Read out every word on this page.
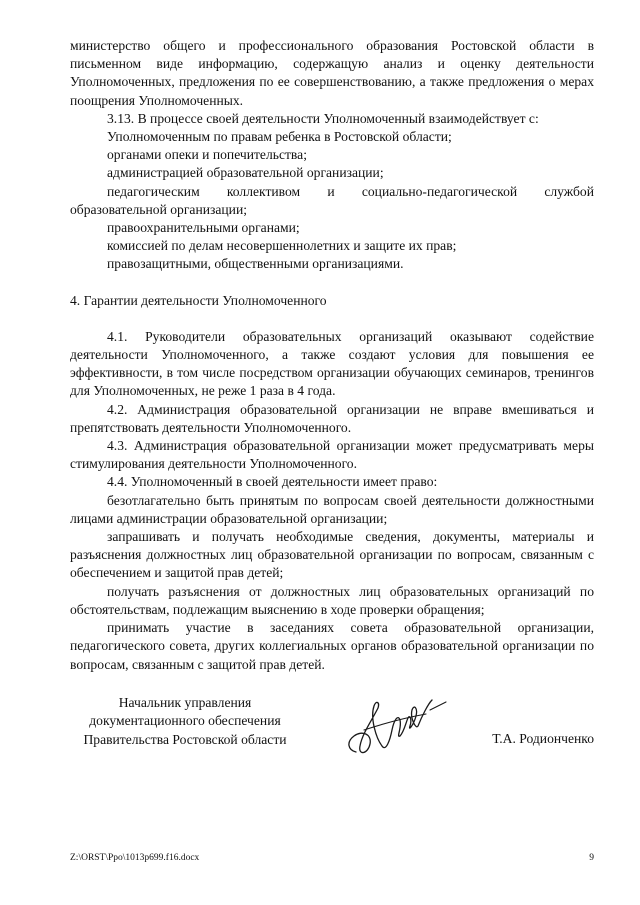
министерство общего и профессионального образования Ростовской области в письменном виде информацию, содержащую анализ и оценку деятельности Уполномоченных, предложения по ее совершенствованию, а также предложения о мерах поощрения Уполномоченных.

3.13. В процессе своей деятельности Уполномоченный взаимодействует с:

Уполномоченным по правам ребенка в Ростовской области;

органами опеки и попечительства;

администрацией образовательной организации;

педагогическим коллективом и социально-педагогической службой образовательной организации;

правоохранительными органами;

комиссией по делам несовершеннолетних и защите их прав;

правозащитными, общественными организациями.

4. Гарантии деятельности Уполномоченного

4.1. Руководители образовательных организаций оказывают содействие деятельности Уполномоченного, а также создают условия для повышения ее эффективности, в том числе посредством организации обучающих семинаров, тренингов для Уполномоченных, не реже 1 раза в 4 года.

4.2. Администрация образовательной организации не вправе вмешиваться и препятствовать деятельности Уполномоченного.

4.3. Администрация образовательной организации может предусматривать меры стимулирования деятельности Уполномоченного.

4.4. Уполномоченный в своей деятельности имеет право:

безотлагательно быть принятым по вопросам своей деятельности должностными лицами администрации образовательной организации;

запрашивать и получать необходимые сведения, документы, материалы и разъяснения должностных лиц образовательной организации по вопросам, связанным с обеспечением и защитой прав детей;

получать разъяснения от должностных лиц образовательных организаций по обстоятельствам, подлежащим выяснению в ходе проверки обращения;

принимать участие в заседаниях совета образовательной организации, педагогического совета, других коллегиальных органов образовательной организации по вопросам, связанным с защитой прав детей.

Начальник управления
документационного обеспечения
Правительства Ростовской области	Т.А. Родионченко
Z:\ORST\Ppo\1013p699.f16.docx	9
